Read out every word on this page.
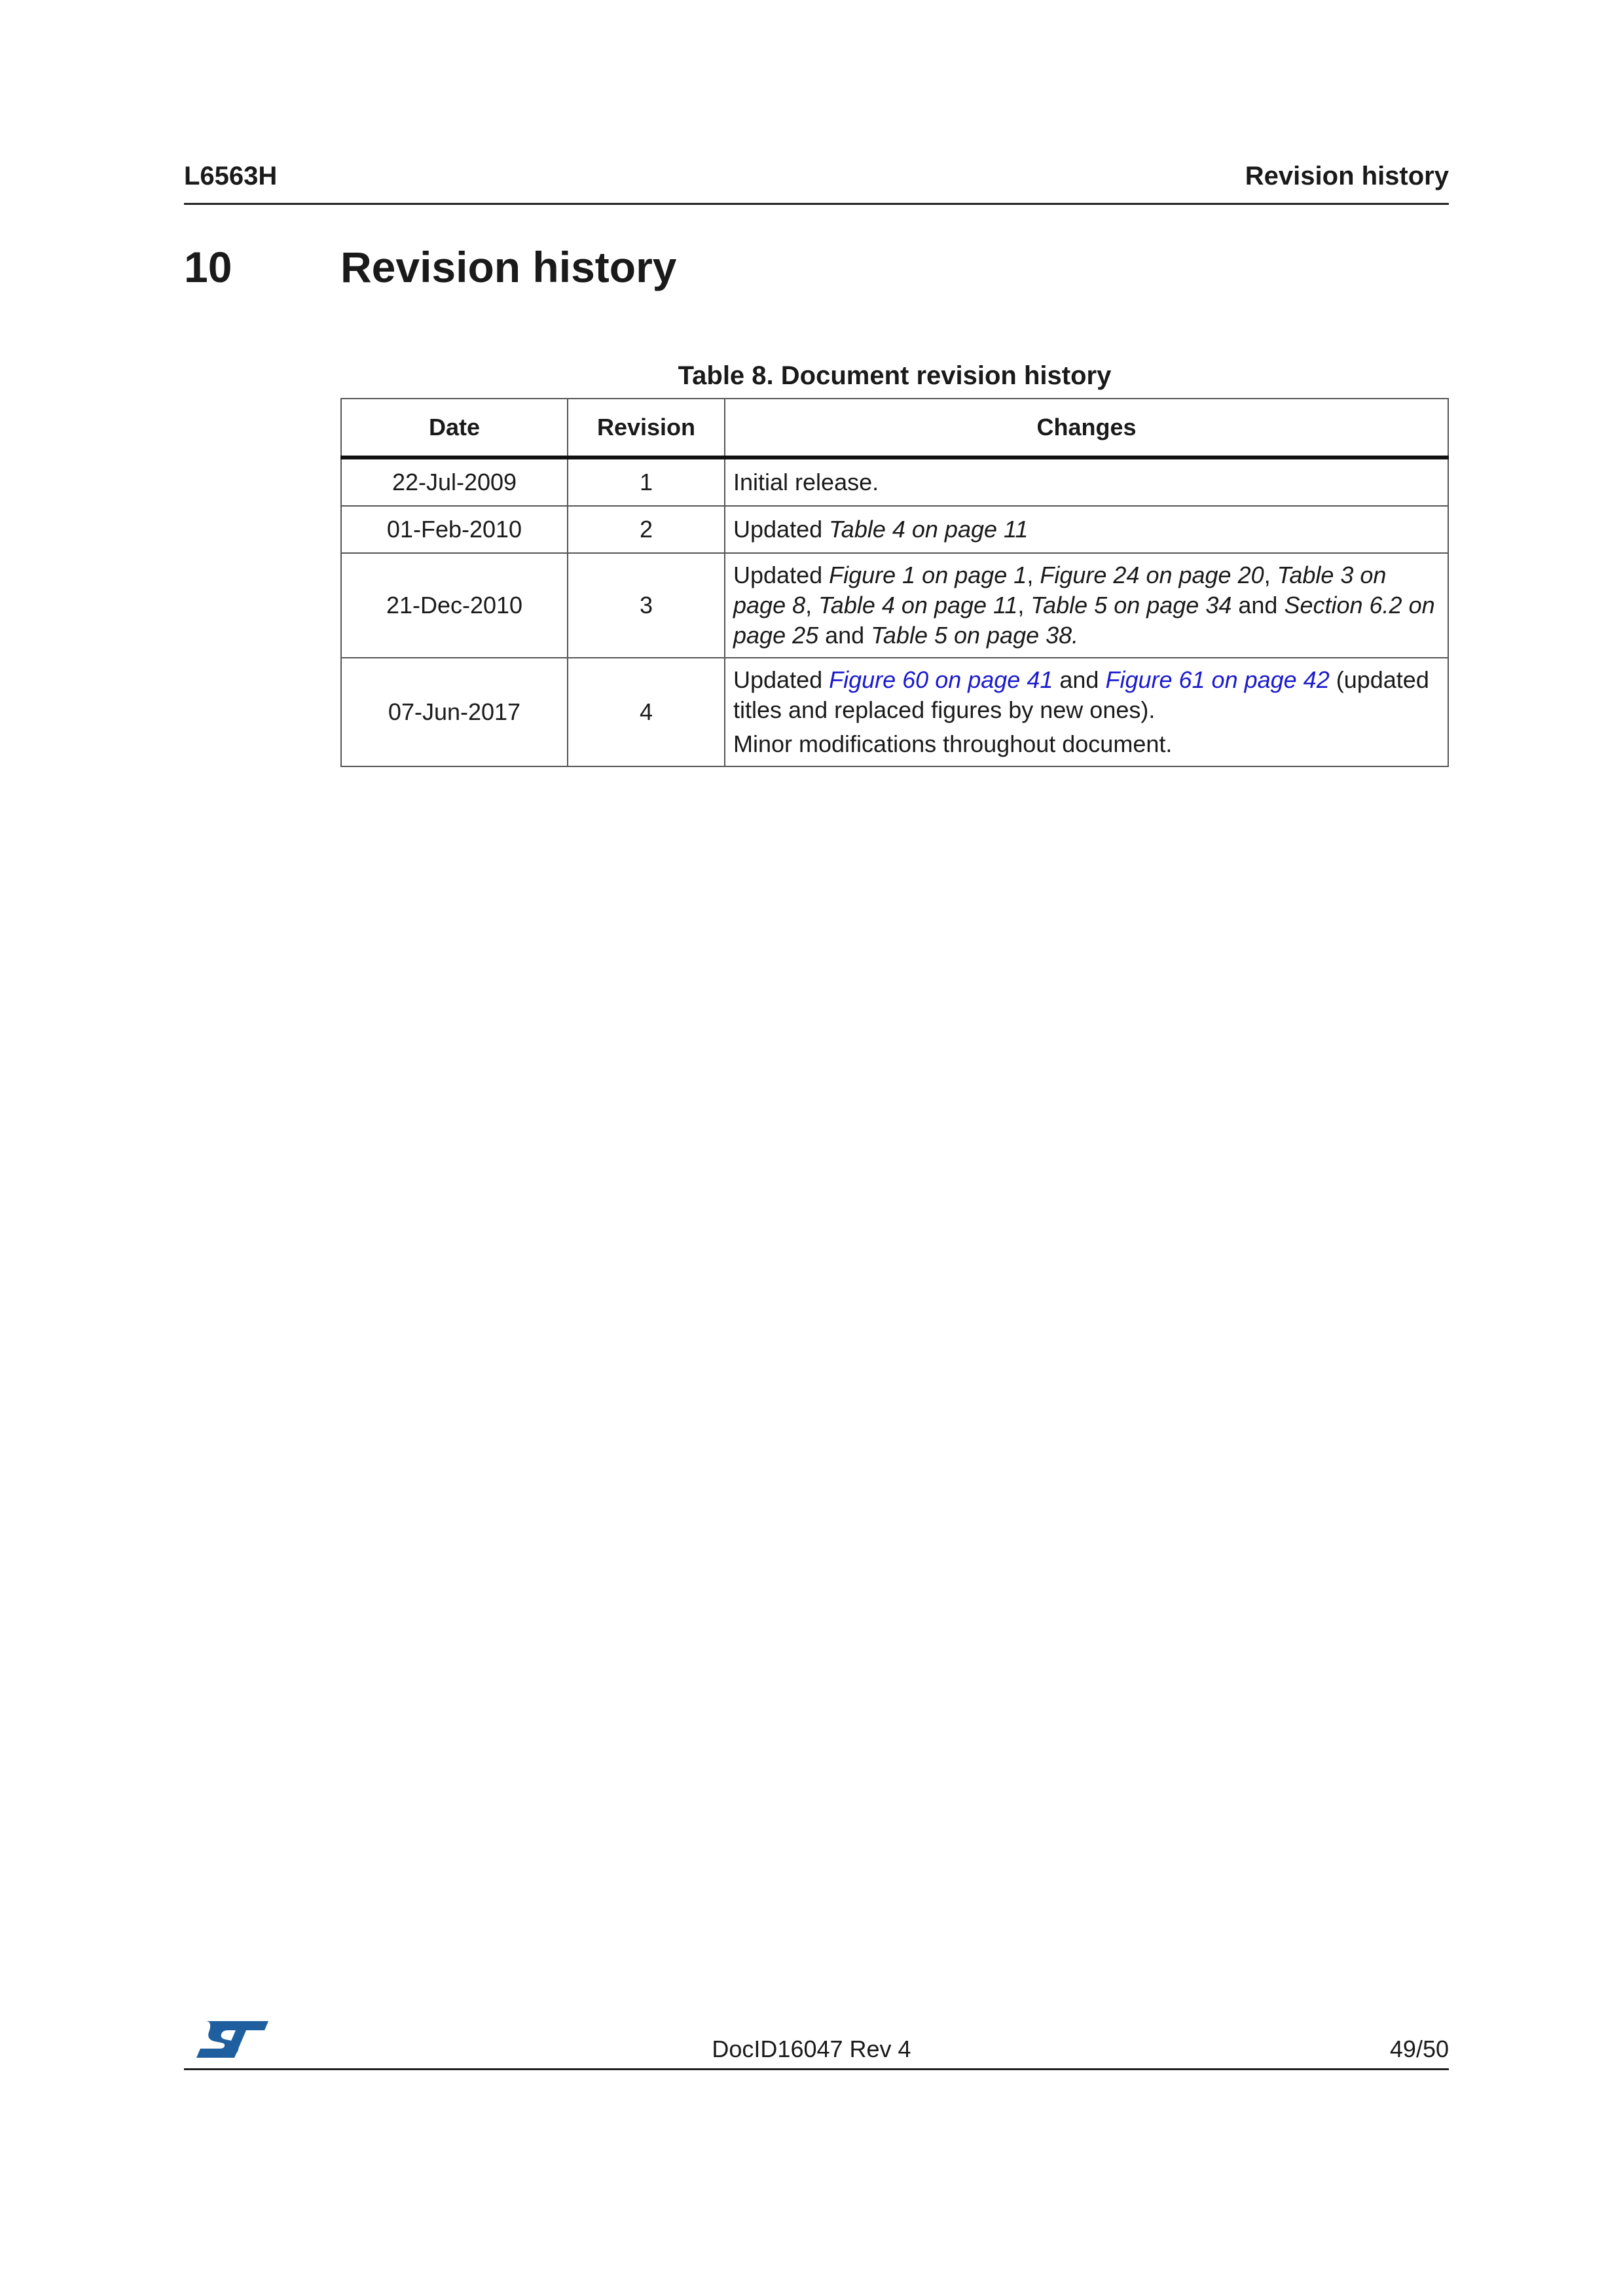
L6563H	Revision history
10	Revision history
Table 8. Document revision history
Date	Revision	Changes
22-Jul-2009	1	Initial release.
01-Feb-2010	2	Updated Table 4 on page 11
21-Dec-2010	3	Updated Figure 1 on page 1, Figure 24 on page 20, Table 3 on page 8, Table 4 on page 11, Table 5 on page 34 and Section 6.2 on page 25 and Table 5 on page 38.
07-Jun-2017	4	Updated Figure 60 on page 41 and Figure 61 on page 42 (updated titles and replaced figures by new ones).
Minor modifications throughout document.
DocID16047 Rev 4	49/50
